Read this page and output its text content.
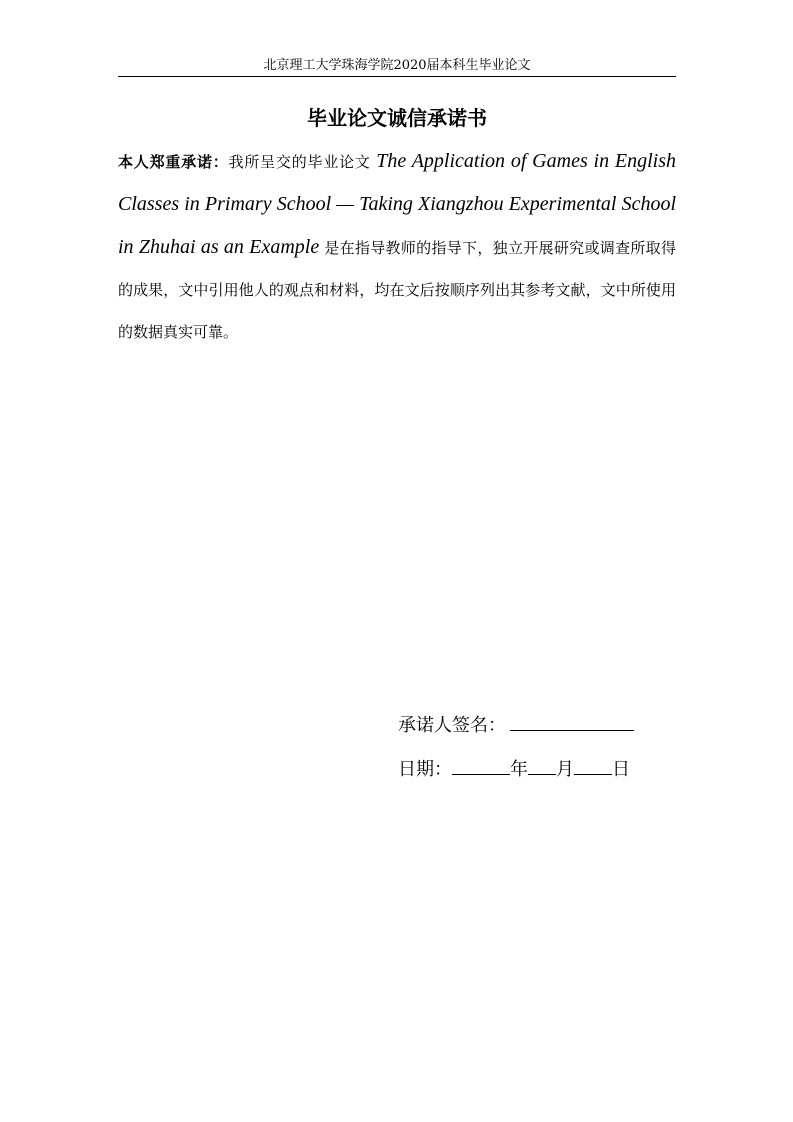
北京理工大学珠海学院2020届本科生毕业论文
毕业论文诚信承诺书
本人郑重承诺：我所呈交的毕业论文 The Application of Games in English Classes in Primary School — Taking Xiangzhou Experimental School in Zhuhai as an Example 是在指导教师的指导下，独立开展研究或调查所取得的成果，文中引用他人的观点和材料，均在文后按顺序列出其参考文献，文中所使用的数据真实可靠。
承诺人签名：
日期：	年 月 日
